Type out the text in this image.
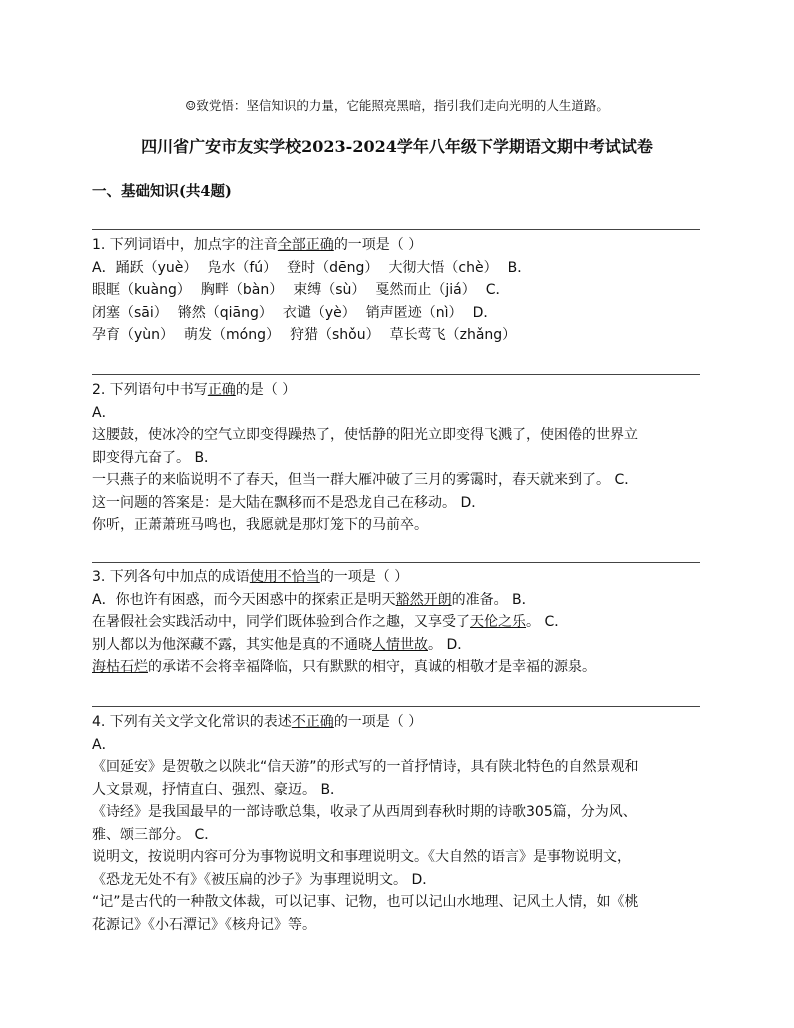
☺致党悟：坚信知识的力量，它能照亮黑暗，指引我们走向光明的人生道路。
四川省广安市友实学校2023-2024学年八年级下学期语文期中考试试卷
一、基础知识(共4题)

1. 下列词语中，加点字的注音全部正确的一项是（ ）

A．踊跃（yuè） 凫水（fú） 登时（dēng） 大彻大悟（chè） B．

眼眶（kuàng） 胸畔（bàn） 束缚（sù） 戛然而止（jiá） C．

闭塞（sāi） 锵然（qiāng） 衣谴（yè） 销声匿迹（nì） D．

孕育（yùn） 萌发（móng） 狩猎（shǒu） 草长莺飞（zhǎng）

2. 下列语句中书写正确的是（ ）

A．

这腰鼓，使冰冷的空气立即变得躁热了，使恬静的阳光立即变得飞溅了，使困倦的世界立

即变得亢奋了。 B．

一只燕子的来临说明不了春天，但当一群大雁冲破了三月的雾霭时，春天就来到了。 C．

这一问题的答案是：是大陆在飘移而不是恐龙自己在移动。 D．

你听，正萧萧班马鸣也，我愿就是那灯笼下的马前卒。

3. 下列各句中加点的成语使用不恰当的一项是（ ）

A．你也许有困惑，而今天困惑中的探索正是明天豁然开朗的准备。 B．

在暑假社会实践活动中，同学们既体验到合作之趣，又享受了天伦之乐。 C．

别人都以为他深藏不露，其实他是真的不通晓人情世故。 D．

海枯石烂的承诺不会将幸福降临，只有默默的相守，真诚的相敬才是幸福的源泉。

4. 下列有关文学文化常识的表述不正确的一项是（ ）

A．

《回延安》是贺敬之以陕北“信天游”的形式写的一首抒情诗，具有陕北特色的自然景观和

人文景观，抒情直白、强烈、豪迈。 B．

《诗经》是我国最早的一部诗歌总集，收录了从西周到春秋时期的诗歌305篇，分为风、

雅、颂三部分。 C．

说明文，按说明内容可分为事物说明文和事理说明文。《大自然的语言》是事物说明文，

《恐龙无处不有》《被压扁的沙子》为事理说明文。 D．

“记”是古代的一种散文体裁，可以记事、记物，也可以记山水地理、记风土人情，如《桃

花源记》《小石潭记》《核舟记》等。
